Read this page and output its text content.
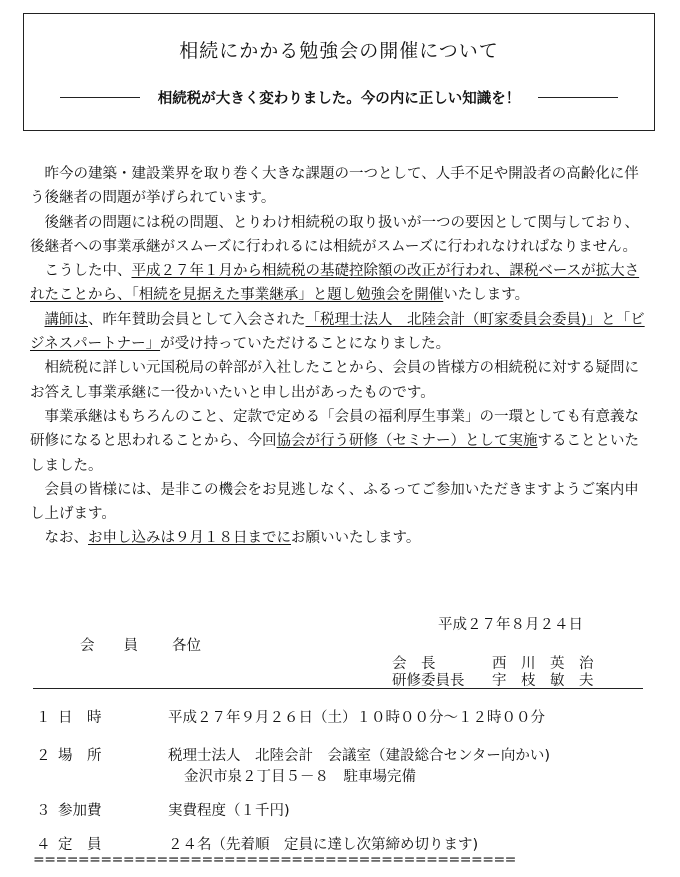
相続にかかる勉強会の開催について
相続税が大きく変わりました。今の内に正しい知識を！

昨今の建築・建設業界を取り巻く大きな課題の一つとして、人手不足や開設者の高齢化に伴う後継者の問題が挙げられています。

後継者の問題には税の問題、とりわけ相続税の取り扱いが一つの要因として関与しており、後継者への事業承継がスムーズに行われるには相続がスムーズに行われなければなりません。

こうした中、平成２７年１月から相続税の基礎控除額の改正が行われ、課税ベースが拡大されたことから、「相続を見据えた事業継承」と題し勉強会を開催いたします。

講師は、昨年賛助会員として入会された「税理士法人　北陸会計（町家委員会委員)」と「ビジネスパートナー」が受け持っていただけることになりました。

相続税に詳しい元国税局の幹部が入社したことから、会員の皆様方の相続税に対する疑問にお答えし事業承継に一役かいたいと申し出があったものです。

事業承継はもちろんのこと、定款で定める「会員の福利厚生事業」の一環としても有意義な研修になると思われることから、今回協会が行う研修（セミナー）として実施することといたしました。

会員の皆様には、是非この機会をお見逃しなく、ふるってご参加いただきますようご案内申し上げます。

なお、お申し込みは９月１８日までにお願いいたします。

平成２７年８月２４日
会　　員 各位
会　長	西　川　英　治
研修委員長 宇　枝　敏　夫
１ 日　時	平成２７年９月２６日（土）１０時００分～１２時００分
２ 場　所	税理士法人　北陸会計　会議室（建設総合センター向かい)
金沢市泉２丁目５－８　駐車場完備
３ 参加費	実費程度（１千円)
４ 定　員	２４名（先着順　定員に達し次第締め切ります)
===========================================
